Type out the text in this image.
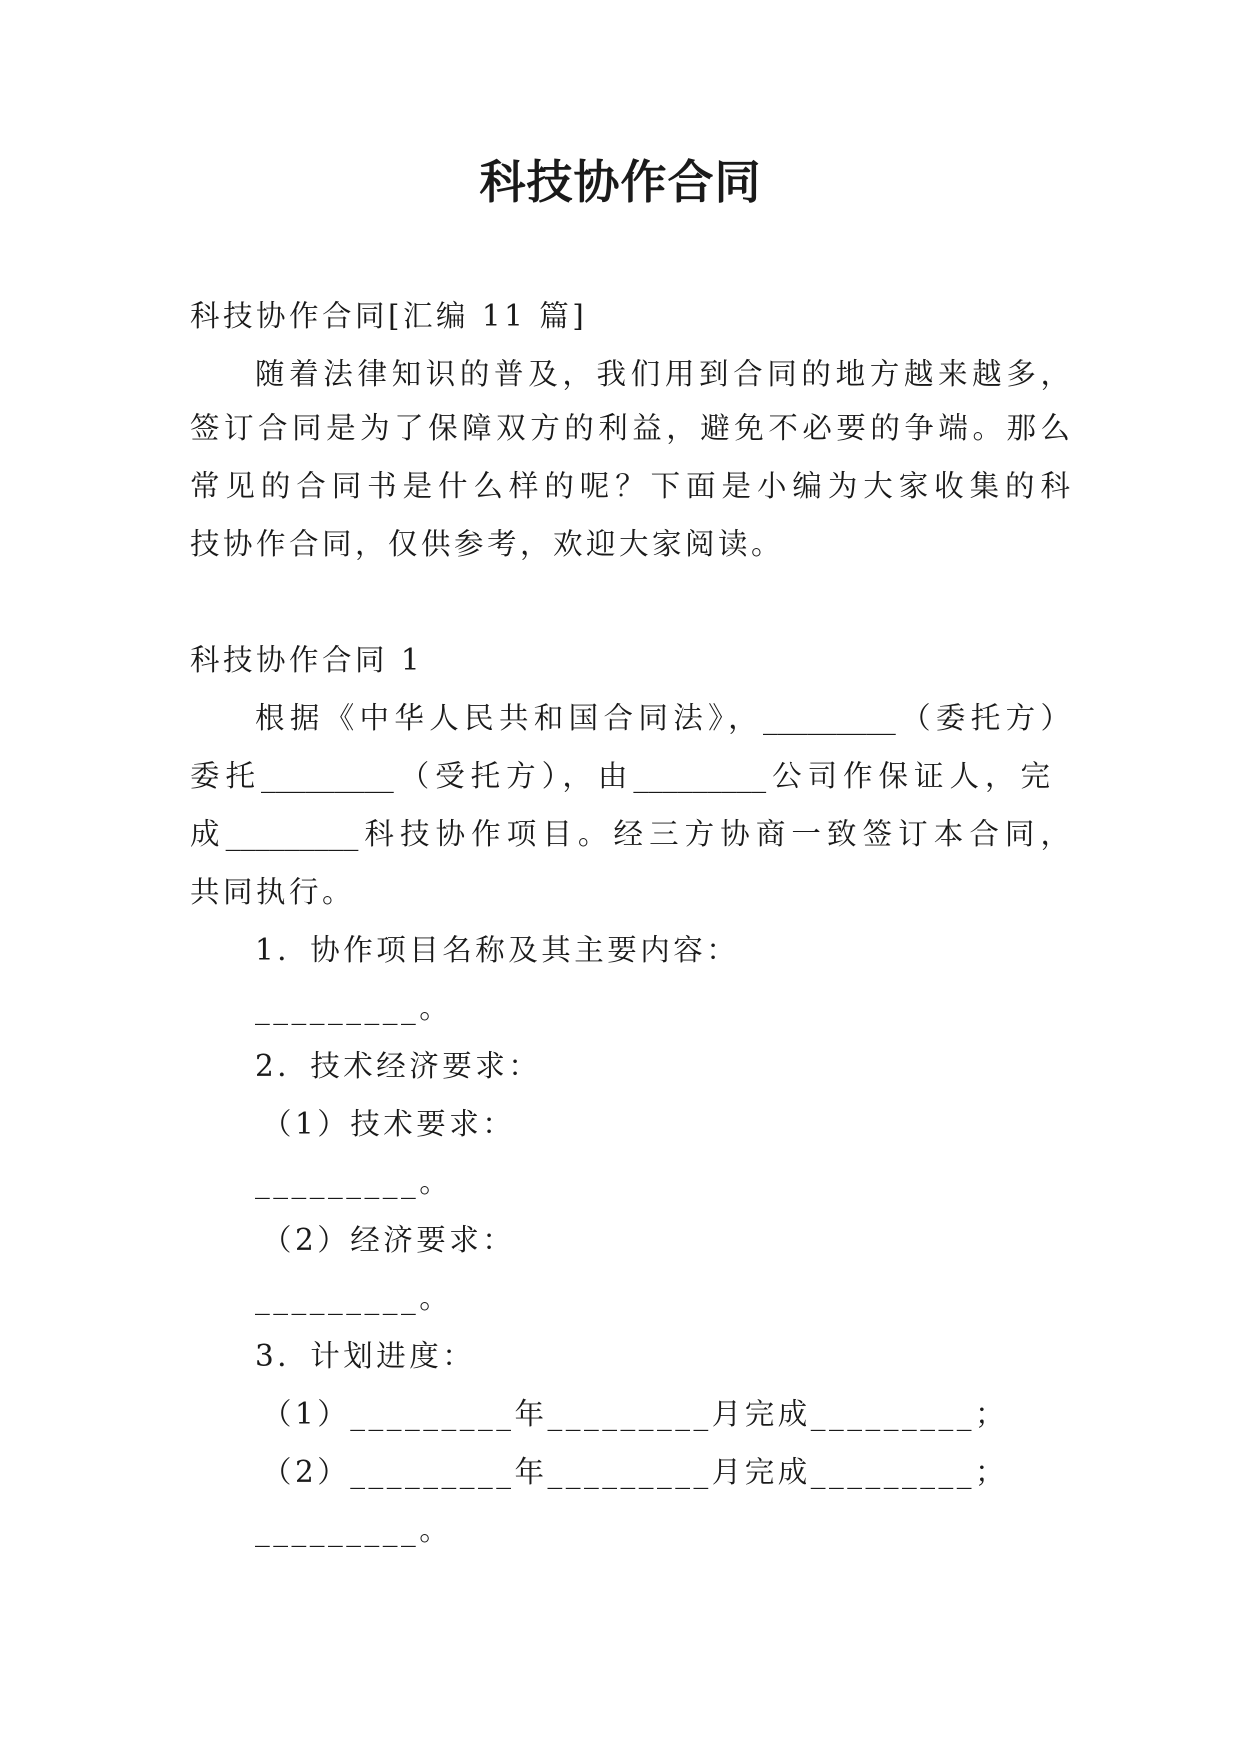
科技协作合同
科技协作合同[汇编 11 篇]
随着法律知识的普及，我们用到合同的地方越来越多，
签订合同是为了保障双方的利益，避免不必要的争端。那么
常见的合同书是什么样的呢？下面是小编为大家收集的科
技协作合同，仅供参考，欢迎大家阅读。
科技协作合同 1
根据《中华人民共和国合同法》，_________（委托方）
委托_________（受托方），由_________公司作保证人，完
成_________科技协作项目。经三方协商一致签订本合同，
共同执行。
1．协作项目名称及其主要内容：
_________。
2．技术经济要求：
（1）技术要求：
_________。
（2）经济要求：
_________。
3．计划进度：
（1）_________年_________月完成_________；
（2）_________年_________月完成_________；
_________。
